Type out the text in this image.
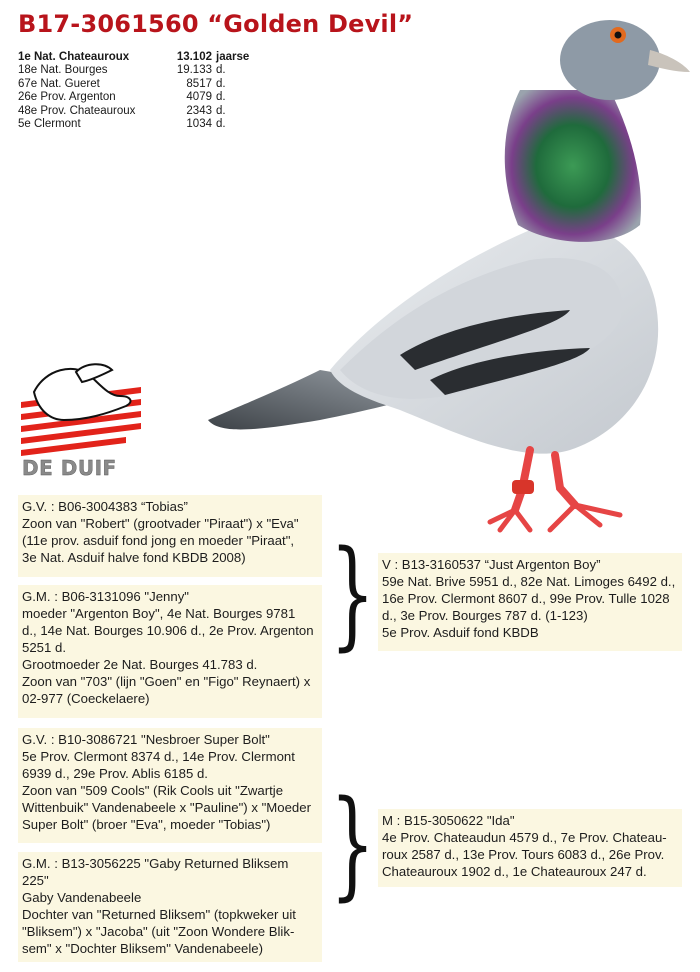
B17-3061560 “Golden Devil”
1e Nat. Chateauroux	13.102 jaarse
18e Nat. Bourges	19.133 d.
67e Nat. Gueret	8517 d.
26e Prov. Argenton	4079 d.
48e Prov. Chateauroux	2343 d.
5e Clermont	1034 d.
DE DUIF
G.V. : B06-3004383 “Tobias”
Zoon van "Robert" (grootvader "Piraat") x "Eva"
(11e prov. asduif fond jong en moeder "Piraat",
3e Nat. Asduif halve fond KBDB 2008)
G.M. : B06-3131096 "Jenny"
moeder "Argenton Boy", 4e Nat. Bourges 9781
d., 14e Nat. Bourges 10.906 d., 2e Prov. Argenton
5251 d.
Grootmoeder 2e Nat. Bourges 41.783 d.
Zoon van "703" (lijn "Goen" en "Figo" Reynaert) x
02-977 (Coeckelaere)
} V : B13-3160537 “Just Argenton Boy”
59e Nat. Brive 5951 d., 82e Nat. Limoges 6492 d.,
16e Prov. Clermont 8607 d., 99e Prov. Tulle 1028
d., 3e Prov. Bourges 787 d. (1-123)
5e Prov. Asduif fond KBDB
G.V. : B10-3086721 "Nesbroer Super Bolt"
5e Prov. Clermont 8374 d., 14e Prov. Clermont
6939 d., 29e Prov. Ablis 6185 d.
Zoon van "509 Cools" (Rik Cools uit "Zwartje
Wittenbuik" Vandenabeele x "Pauline") x "Moeder
Super Bolt" (broer "Eva", moeder "Tobias")
G.M. : B13-3056225 "Gaby Returned Bliksem
225"
Gaby Vandenabeele
Dochter van "Returned Bliksem" (topkweker uit
"Bliksem") x "Jacoba" (uit "Zoon Wondere Blik-
sem" x "Dochter Bliksem" Vandenabeele)
} M : B15-3050622 "Ida"
4e Prov. Chateaudun 4579 d., 7e Prov. Chateau-
roux 2587 d., 13e Prov. Tours 6083 d., 26e Prov.
Chateauroux 1902 d., 1e Chateauroux 247 d.
